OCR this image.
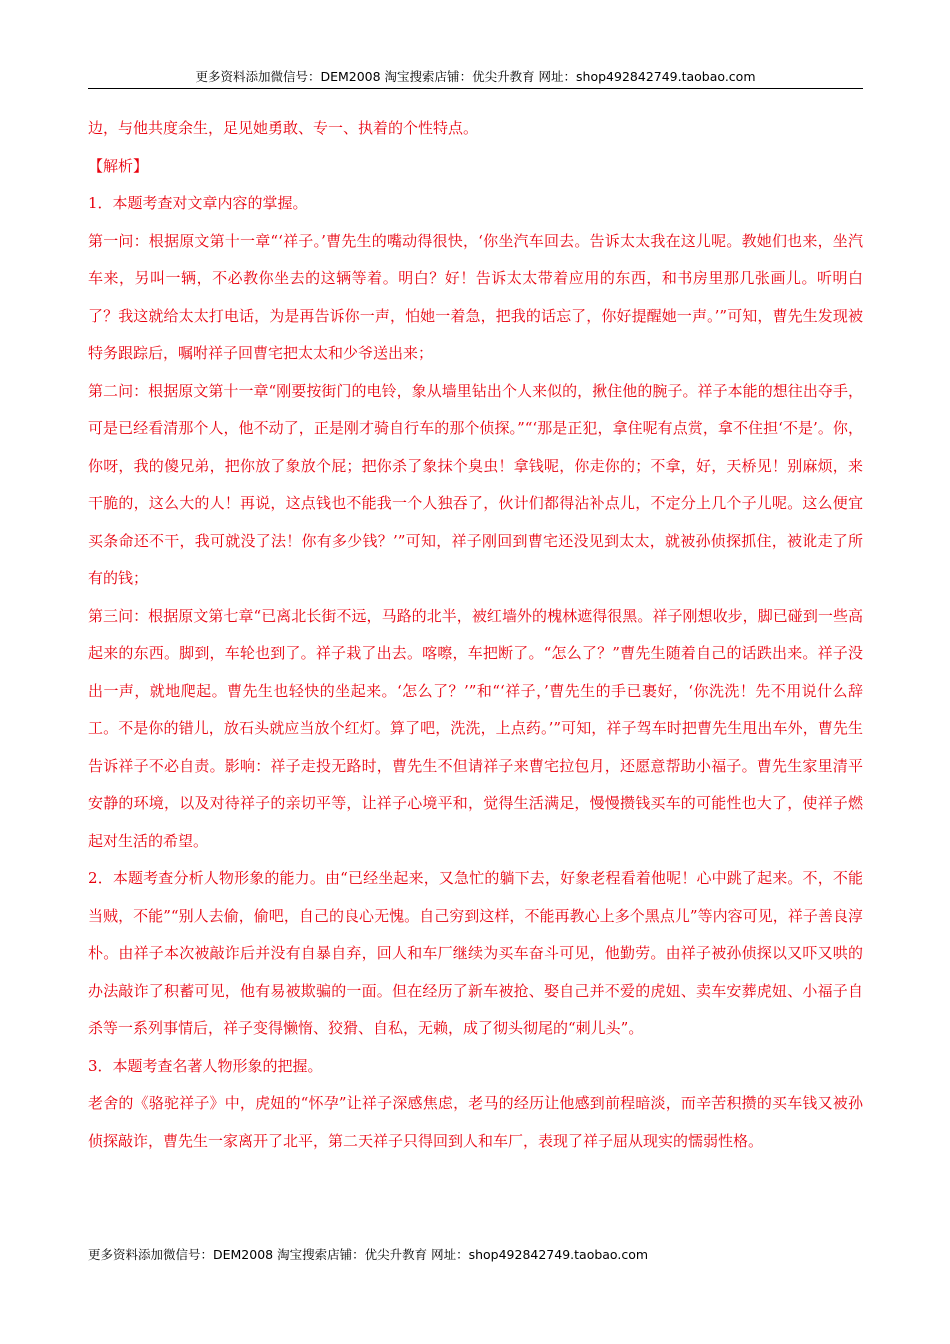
更多资料添加微信号：DEM2008 淘宝搜索店铺：优尖升教育 网址：shop492842749.taobao.com

边，与他共度余生，足见她勇敢、专一、执着的个性特点。

【解析】

1．本题考查对文章内容的掌握。

第一问：根据原文第十一章“‘祥子。’曹先生的嘴动得很快，‘你坐汽车回去。告诉太太我在这儿呢。教她们也来，坐汽车来，另叫一辆，不必教你坐去的这辆等着。明白？好！告诉太太带着应用的东西，和书房里那几张画儿。听明白了？我这就给太太打电话，为是再告诉你一声，怕她一着急，把我的话忘了，你好提醒她一声。’”可知，曹先生发现被特务跟踪后，嘱咐祥子回曹宅把太太和少爷送出来；

第二问：根据原文第十一章“刚要按街门的电铃，象从墙里钻出个人来似的，揪住他的腕子。祥子本能的想往出夺手，可是已经看清那个人，他不动了，正是刚才骑自行车的那个侦探。”“‘那是正犯，拿住呢有点赏，拿不住担‘不是’。你，你呀，我的傻兄弟，把你放了象放个屁；把你杀了象抹个臭虫！拿钱呢，你走你的；不拿，好，天桥见！别麻烦，来干脆的，这么大的人！再说，这点钱也不能我一个人独吞了，伙计们都得沾补点儿，不定分上几个子儿呢。这么便宜买条命还不干，我可就没了法！你有多少钱？’”可知，祥子刚回到曹宅还没见到太太，就被孙侦探抓住，被讹走了所有的钱；

第三问：根据原文第七章“已离北长街不远，马路的北半，被红墙外的槐林遮得很黑。祥子刚想收步，脚已碰到一些高起来的东西。脚到，车轮也到了。祥子栽了出去。喀嚓，车把断了。“怎么了？”曹先生随着自己的话跌出来。祥子没出一声，就地爬起。曹先生也轻快的坐起来。‘怎么了？’”和“‘祥子，’曹先生的手已裹好，‘你洗洗！先不用说什么辞工。不是你的错儿，放石头就应当放个红灯。算了吧，洗洗，上点药。’”可知，祥子驾车时把曹先生甩出车外，曹先生告诉祥子不必自责。影响：祥子走投无路时，曹先生不但请祥子来曹宅拉包月，还愿意帮助小福子。曹先生家里清平安静的环境，以及对待祥子的亲切平等，让祥子心境平和，觉得生活满足，慢慢攒钱买车的可能性也大了，使祥子燃起对生活的希望。

2．本题考查分析人物形象的能力。由“已经坐起来，又急忙的躺下去，好象老程看着他呢！心中跳了起来。不，不能当贼，不能”“别人去偷，偷吧，自己的良心无愧。自己穷到这样，不能再教心上多个黑点儿”等内容可见，祥子善良淳朴。由祥子本次被敲诈后并没有自暴自弃，回人和车厂继续为买车奋斗可见，他勤劳。由祥子被孙侦探以又吓又哄的办法敲诈了积蓄可见，他有易被欺骗的一面。但在经历了新车被抢、娶自己并不爱的虎妞、卖车安葬虎妞、小福子自杀等一系列事情后，祥子变得懒惰、狡猾、自私，无赖，成了彻头彻尾的“刺儿头”。

3．本题考查名著人物形象的把握。

老舍的《骆驼祥子》中，虎妞的“怀孕”让祥子深感焦虑，老马的经历让他感到前程暗淡，而辛苦积攒的买车钱又被孙侦探敲诈，曹先生一家离开了北平，第二天祥子只得回到人和车厂，表现了祥子屈从现实的懦弱性格。

更多资料添加微信号：DEM2008 淘宝搜索店铺：优尖升教育 网址：shop492842749.taobao.com
